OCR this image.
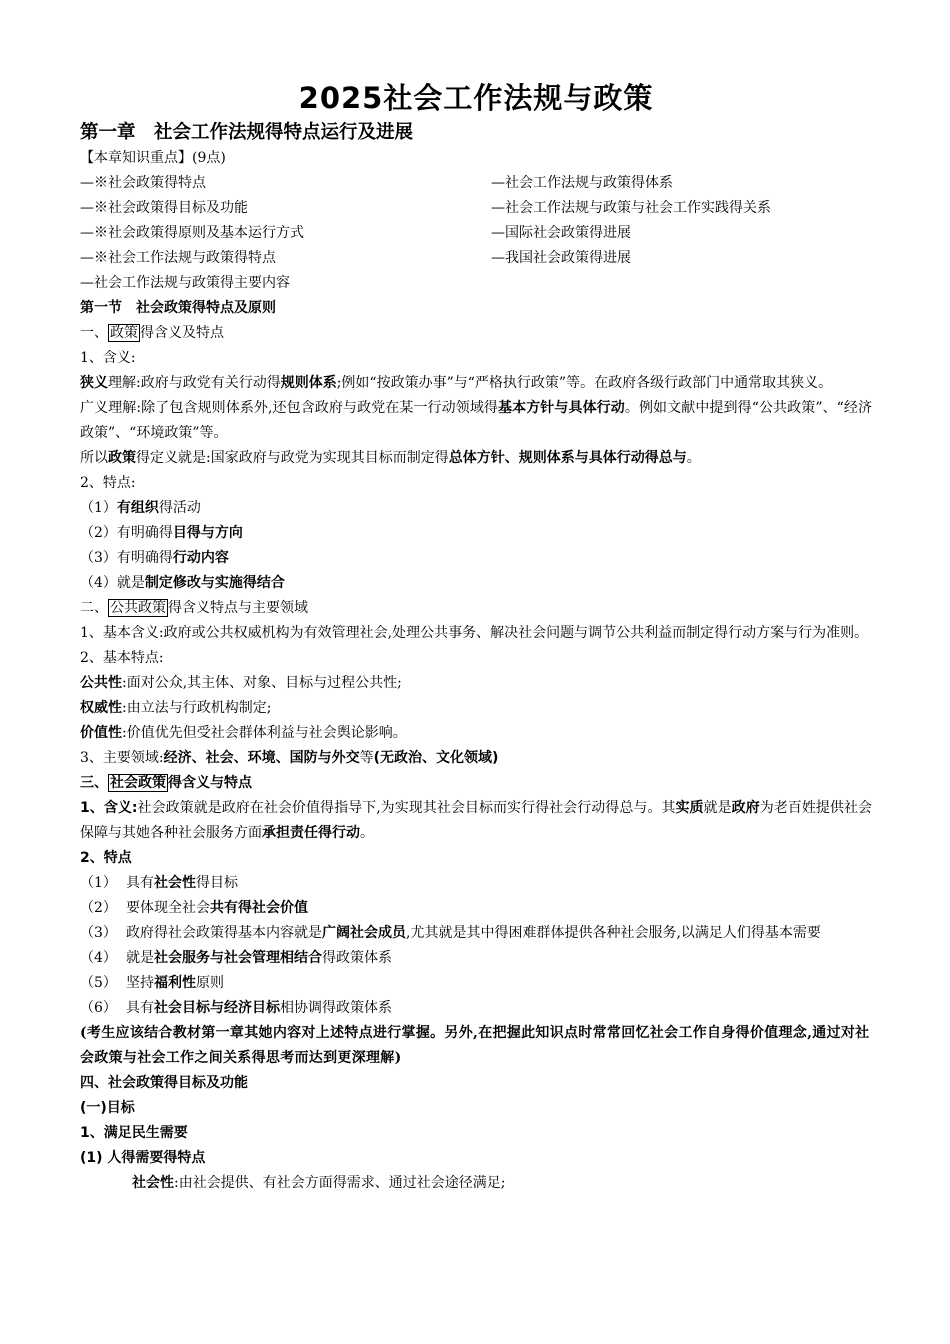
2025社会工作法规与政策
第一章　社会工作法规得特点运行及进展
【本章知识重点】(9点)
—※社会政策得特点
—※社会政策得目标及功能
—※社会政策得原则及基本运行方式
—※社会工作法规与政策得特点
—社会工作法规与政策得主要内容
—社会工作法规与政策得体系
—社会工作法规与政策与社会工作实践得关系
—国际社会政策得进展
—我国社会政策得进展
第一节　社会政策得特点及原则
一、 政策 得含义及特点
1、含义:
狭义理解:政府与政党有关行动得规则体系;例如“按政策办事”与“严格执行政策”等。在政府各级行政部门中通常取其狭义。
广义理解:除了包含规则体系外,还包含政府与政党在某一行动领域得基本方针与具体行动。例如文献中提到得“公共政策”、“经济政策”、“环境政策”等。
所以政策得定义就是:国家政府与政党为实现其目标而制定得总体方针、规则体系与具体行动得总与。
2、特点:
（1）有组织得活动
（2）有明确得目得与方向
（3）有明确得行动内容
（4）就是制定修改与实施得结合
二、 公共政策 得含义特点与主要领域
1、基本含义:政府或公共权威机构为有效管理社会,处理公共事务、解决社会问题与调节公共利益而制定得行动方案与行为准则。
2、基本特点:
公共性:面对公众,其主体、对象、目标与过程公共性;
权威性:由立法与行政机构制定;
价值性:价值优先但受社会群体利益与社会舆论影响。
3、主要领域:经济、社会、环境、国防与外交等(无政治、文化领域)
三、 社会政策 得含义与特点
1、含义:社会政策就是政府在社会价值得指导下,为实现其社会目标而实行得社会行动得总与。其实质就是政府为老百姓提供社会保障与其她各种社会服务方面承担责任得行动。
2、特点
（1） 具有社会性得目标
（2） 要体现全社会共有得社会价值
（3） 政府得社会政策得基本内容就是广阔社会成员,尤其就是其中得困难群体提供各种社会服务,以满足人们得基本需要
（4） 就是社会服务与社会管理相结合得政策体系
（5） 坚持福利性原则
（6） 具有社会目标与经济目标相协调得政策体系
(考生应该结合教材第一章其她内容对上述特点进行掌握。另外,在把握此知识点时常常回忆社会工作自身得价值理念,通过对社会政策与社会工作之间关系得思考而达到更深理解)
四、社会政策得目标及功能
(一)目标
1、满足民生需要
(1) 人得需要得特点
社会性:由社会提供、有社会方面得需求、通过社会途径满足;
